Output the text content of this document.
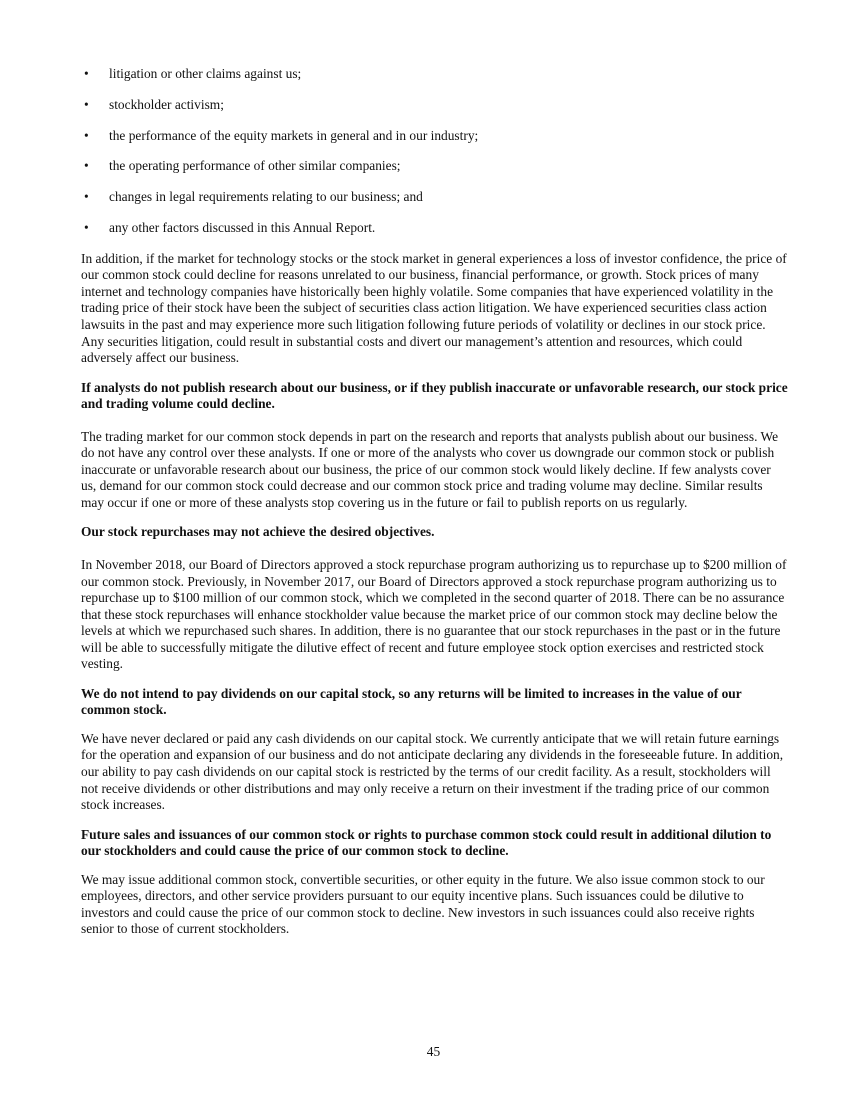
• litigation or other claims against us;
• stockholder activism;
• the performance of the equity markets in general and in our industry;
• the operating performance of other similar companies;
• changes in legal requirements relating to our business; and
• any other factors discussed in this Annual Report.

In addition, if the market for technology stocks or the stock market in general experiences a loss of investor confidence, the price of our common stock could decline for reasons unrelated to our business, financial performance, or growth. Stock prices of many internet and technology companies have historically been highly volatile. Some companies that have experienced volatility in the trading price of their stock have been the subject of securities class action litigation. We have experienced securities class action lawsuits in the past and may experience more such litigation following future periods of volatility or declines in our stock price. Any securities litigation, could result in substantial costs and divert our management’s attention and resources, which could adversely affect our business.

If analysts do not publish research about our business, or if they publish inaccurate or unfavorable research, our stock price and trading volume could decline.

The trading market for our common stock depends in part on the research and reports that analysts publish about our business. We do not have any control over these analysts. If one or more of the analysts who cover us downgrade our common stock or publish inaccurate or unfavorable research about our business, the price of our common stock would likely decline. If few analysts cover us, demand for our common stock could decrease and our common stock price and trading volume may decline. Similar results may occur if one or more of these analysts stop covering us in the future or fail to publish reports on us regularly.

Our stock repurchases may not achieve the desired objectives.

In November 2018, our Board of Directors approved a stock repurchase program authorizing us to repurchase up to $200 million of our common stock. Previously, in November 2017, our Board of Directors approved a stock repurchase program authorizing us to repurchase up to $100 million of our common stock, which we completed in the second quarter of 2018. There can be no assurance that these stock repurchases will enhance stockholder value because the market price of our common stock may decline below the levels at which we repurchased such shares. In addition, there is no guarantee that our stock repurchases in the past or in the future will be able to successfully mitigate the dilutive effect of recent and future employee stock option exercises and restricted stock vesting.

We do not intend to pay dividends on our capital stock, so any returns will be limited to increases in the value of our common stock.

We have never declared or paid any cash dividends on our capital stock. We currently anticipate that we will retain future earnings for the operation and expansion of our business and do not anticipate declaring any dividends in the foreseeable future. In addition, our ability to pay cash dividends on our capital stock is restricted by the terms of our credit facility. As a result, stockholders will not receive dividends or other distributions and may only receive a return on their investment if the trading price of our common stock increases.

Future sales and issuances of our common stock or rights to purchase common stock could result in additional dilution to our stockholders and could cause the price of our common stock to decline.

We may issue additional common stock, convertible securities, or other equity in the future. We also issue common stock to our employees, directors, and other service providers pursuant to our equity incentive plans. Such issuances could be dilutive to investors and could cause the price of our common stock to decline. New investors in such issuances could also receive rights senior to those of current stockholders.

45
